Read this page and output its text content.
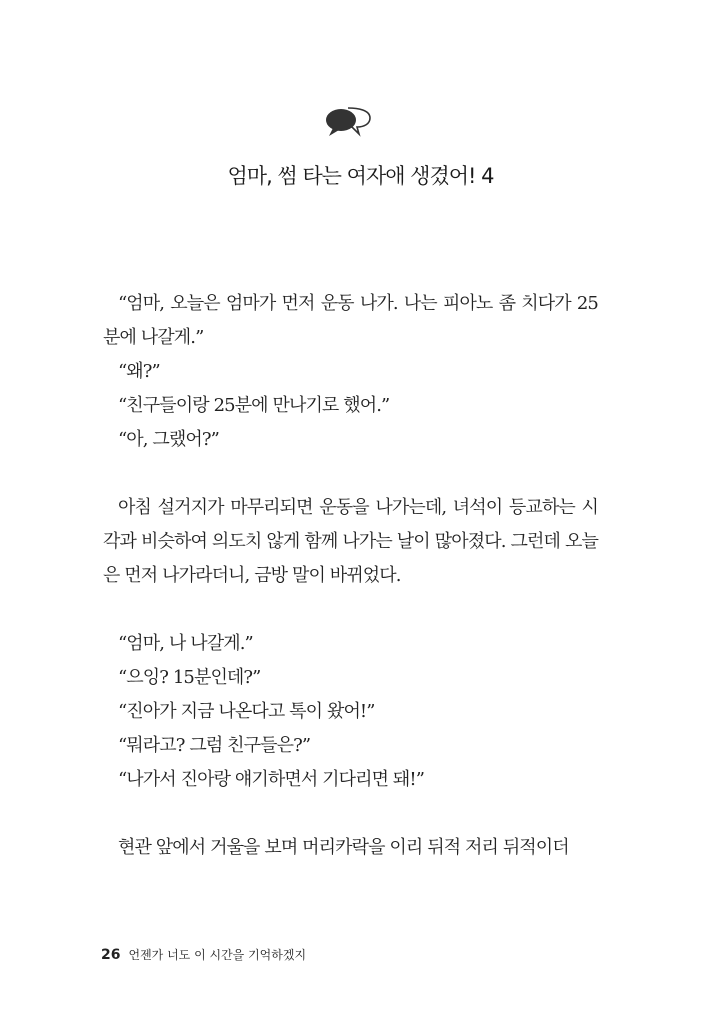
엄마, 썸 타는 여자애 생겼어! 4

“엄마, 오늘은 엄마가 먼저 운동 나가. 나는 피아노 좀 치다가 25분에 나갈게.”

“왜?”

“친구들이랑 25분에 만나기로 했어.”

“아, 그랬어?”

아침 설거지가 마무리되면 운동을 나가는데, 녀석이 등교하는 시각과 비슷하여 의도치 않게 함께 나가는 날이 많아졌다. 그런데 오늘은 먼저 나가라더니, 금방 말이 바뀌었다.

“엄마, 나 나갈게.”

“으잉? 15분인데?”

“진아가 지금 나온다고 톡이 왔어!”

“뭐라고? 그럼 친구들은?”

“나가서 진아랑 얘기하면서 기다리면 돼!”

현관 앞에서 거울을 보며 머리카락을 이리 뒤적 저리 뒤적이더

26 언젠가 너도 이 시간을 기억하겠지
